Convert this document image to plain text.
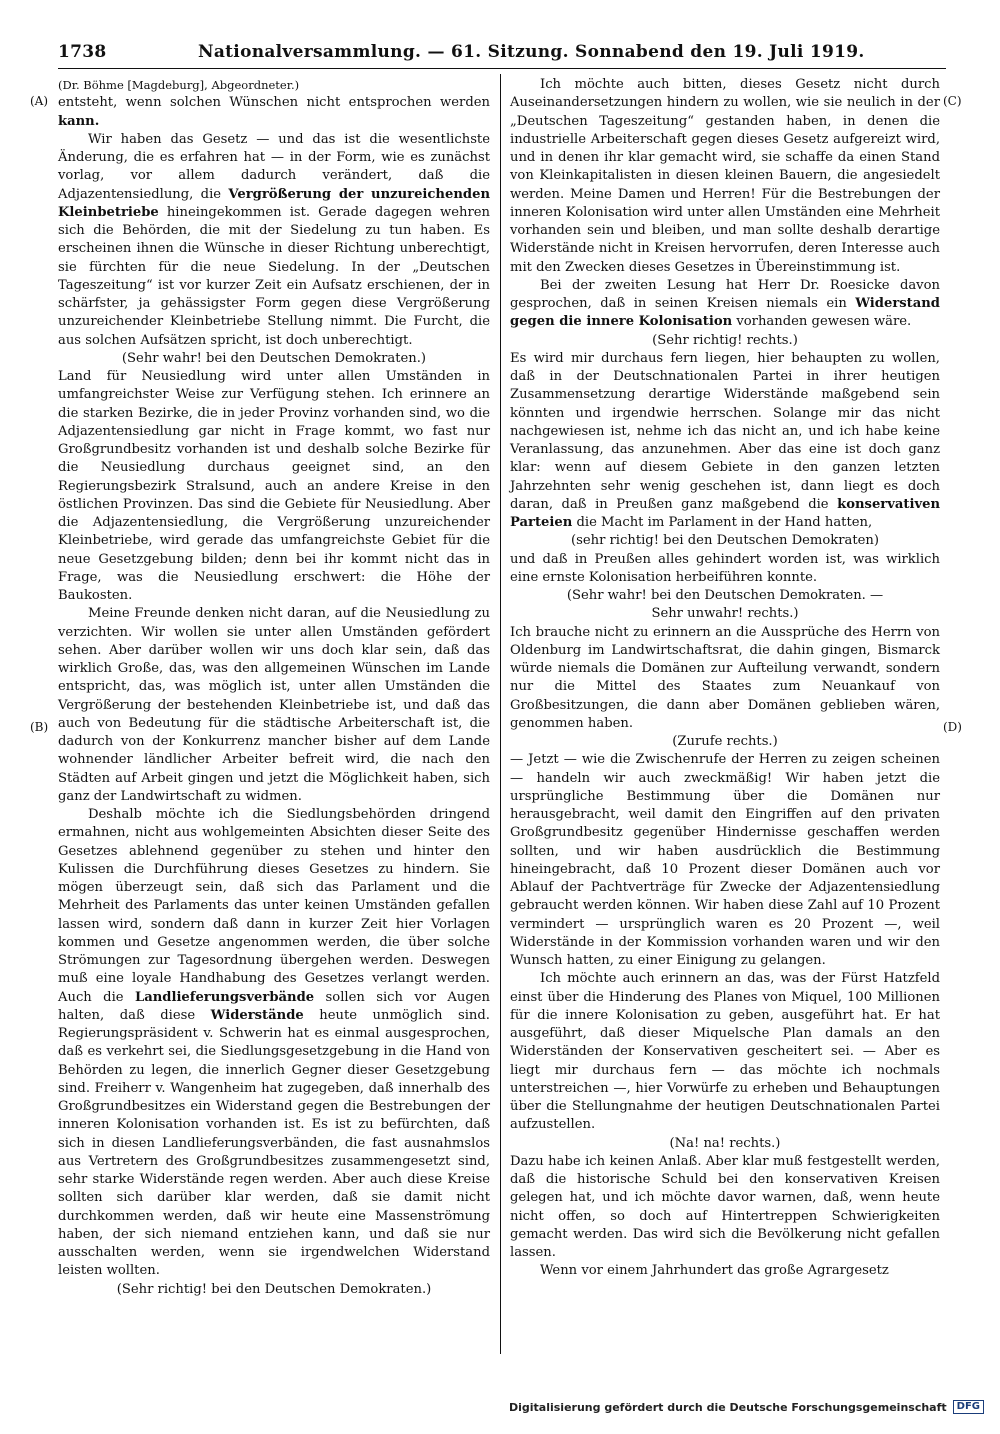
1738	Nationalversammlung. — 61. Sitzung. Sonnabend den 19. Juli 1919.
(A)
(B)
(C)
(D)

(Dr. Böhme [Magdeburg], Abgeordneter.)

entsteht, wenn solchen Wünschen nicht entsprochen werden kann.

Wir haben das Gesetz — und das ist die wesentlichste Änderung, die es erfahren hat — in der Form, wie es zunächst vorlag, vor allem dadurch verändert, daß die Adjazentensiedlung, die Vergrößerung der unzureichenden Kleinbetriebe hineingekommen ist. Gerade dagegen wehren sich die Behörden, die mit der Siedelung zu tun haben. Es erscheinen ihnen die Wünsche in dieser Richtung unberechtigt, sie fürchten für die neue Siedelung. In der „Deutschen Tageszeitung“ ist vor kurzer Zeit ein Aufsatz erschienen, der in schärfster, ja gehässigster Form gegen diese Vergrößerung unzureichender Kleinbetriebe Stellung nimmt. Die Furcht, die aus solchen Aufsätzen spricht, ist doch unberechtigt.

(Sehr wahr! bei den Deutschen Demokraten.)

Land für Neusiedlung wird unter allen Umständen in umfangreichster Weise zur Verfügung stehen. Ich erinnere an die starken Bezirke, die in jeder Provinz vorhanden sind, wo die Adjazentensiedlung gar nicht in Frage kommt, wo fast nur Großgrundbesitz vorhanden ist und deshalb solche Bezirke für die Neusiedlung durchaus geeignet sind, an den Regierungsbezirk Stralsund, auch an andere Kreise in den östlichen Provinzen. Das sind die Gebiete für Neusiedlung. Aber die Adjazentensiedlung, die Vergrößerung unzureichender Kleinbetriebe, wird gerade das umfangreichste Gebiet für die neue Gesetzgebung bilden; denn bei ihr kommt nicht das in Frage, was die Neusiedlung erschwert: die Höhe der Baukosten.

Meine Freunde denken nicht daran, auf die Neusiedlung zu verzichten. Wir wollen sie unter allen Umständen gefördert sehen. Aber darüber wollen wir uns doch klar sein, daß das wirklich Große, das, was den allgemeinen Wünschen im Lande entspricht, das, was möglich ist, unter allen Umständen die Vergrößerung der bestehenden Kleinbetriebe ist, und daß das auch von Bedeutung für die städtische Arbeiterschaft ist, die dadurch von der Konkurrenz mancher bisher auf dem Lande wohnender ländlicher Arbeiter befreit wird, die nach den Städten auf Arbeit gingen und jetzt die Möglichkeit haben, sich ganz der Landwirtschaft zu widmen.

Deshalb möchte ich die Siedlungsbehörden dringend ermahnen, nicht aus wohlgemeinten Absichten dieser Seite des Gesetzes ablehnend gegenüber zu stehen und hinter den Kulissen die Durchführung dieses Gesetzes zu hindern. Sie mögen überzeugt sein, daß sich das Parlament und die Mehrheit des Parlaments das unter keinen Umständen gefallen lassen wird, sondern daß dann in kurzer Zeit hier Vorlagen kommen und Gesetze angenommen werden, die über solche Strömungen zur Tagesordnung übergehen werden. Deswegen muß eine loyale Handhabung des Gesetzes verlangt werden. Auch die Landlieferungsverbände sollen sich vor Augen halten, daß diese Widerstände heute unmöglich sind. Regierungspräsident v. Schwerin hat es einmal ausgesprochen, daß es verkehrt sei, die Siedlungsgesetzgebung in die Hand von Behörden zu legen, die innerlich Gegner dieser Gesetzgebung sind. Freiherr v. Wangenheim hat zugegeben, daß innerhalb des Großgrundbesitzes ein Widerstand gegen die Bestrebungen der inneren Kolonisation vorhanden ist. Es ist zu befürchten, daß sich in diesen Landlieferungsverbänden, die fast ausnahmslos aus Vertretern des Großgrundbesitzes zusammengesetzt sind, sehr starke Widerstände regen werden. Aber auch diese Kreise sollten sich darüber klar werden, daß sie damit nicht durchkommen werden, daß wir heute eine Massenströmung haben, der sich niemand entziehen kann, und daß sie nur ausschalten werden, wenn sie irgendwelchen Widerstand leisten wollten.

(Sehr richtig! bei den Deutschen Demokraten.)

Ich möchte auch bitten, dieses Gesetz nicht durch Auseinandersetzungen hindern zu wollen, wie sie neulich in der „Deutschen Tageszeitung“ gestanden haben, in denen die industrielle Arbeiterschaft gegen dieses Gesetz aufgereizt wird, und in denen ihr klar gemacht wird, sie schaffe da einen Stand von Kleinkapitalisten in diesen kleinen Bauern, die angesiedelt werden. Meine Damen und Herren! Für die Bestrebungen der inneren Kolonisation wird unter allen Umständen eine Mehrheit vorhanden sein und bleiben, und man sollte deshalb derartige Widerstände nicht in Kreisen hervorrufen, deren Interesse auch mit den Zwecken dieses Gesetzes in Übereinstimmung ist.

Bei der zweiten Lesung hat Herr Dr. Roesicke davon gesprochen, daß in seinen Kreisen niemals ein Widerstand gegen die innere Kolonisation vorhanden gewesen wäre.

(Sehr richtig! rechts.)

Es wird mir durchaus fern liegen, hier behaupten zu wollen, daß in der Deutschnationalen Partei in ihrer heutigen Zusammensetzung derartige Widerstände maßgebend sein könnten und irgendwie herrschen. Solange mir das nicht nachgewiesen ist, nehme ich das nicht an, und ich habe keine Veranlassung, das anzunehmen. Aber das eine ist doch ganz klar: wenn auf diesem Gebiete in den ganzen letzten Jahrzehnten sehr wenig geschehen ist, dann liegt es doch daran, daß in Preußen ganz maßgebend die konservativen Parteien die Macht im Parlament in der Hand hatten,

(sehr richtig! bei den Deutschen Demokraten)

und daß in Preußen alles gehindert worden ist, was wirklich eine ernste Kolonisation herbeiführen konnte.

(Sehr wahr! bei den Deutschen Demokraten. —

Sehr unwahr! rechts.)

Ich brauche nicht zu erinnern an die Aussprüche des Herrn von Oldenburg im Landwirtschaftsrat, die dahin gingen, Bismarck würde niemals die Domänen zur Aufteilung verwandt, sondern nur die Mittel des Staates zum Neuankauf von Großbesitzungen, die dann aber Domänen geblieben wären, genommen haben.

(Zurufe rechts.)

— Jetzt — wie die Zwischenrufe der Herren zu zeigen scheinen — handeln wir auch zweckmäßig! Wir haben jetzt die ursprüngliche Bestimmung über die Domänen nur herausgebracht, weil damit den Eingriffen auf den privaten Großgrundbesitz gegenüber Hindernisse geschaffen werden sollten, und wir haben ausdrücklich die Bestimmung hineingebracht, daß 10 Prozent dieser Domänen auch vor Ablauf der Pachtverträge für Zwecke der Adjazentensiedlung gebraucht werden können. Wir haben diese Zahl auf 10 Prozent vermindert — ursprünglich waren es 20 Prozent —, weil Widerstände in der Kommission vorhanden waren und wir den Wunsch hatten, zu einer Einigung zu gelangen.

Ich möchte auch erinnern an das, was der Fürst Hatzfeld einst über die Hinderung des Planes von Miquel, 100 Millionen für die innere Kolonisation zu geben, ausgeführt hat. Er hat ausgeführt, daß dieser Miquelsche Plan damals an den Widerständen der Konservativen gescheitert sei. — Aber es liegt mir durchaus fern — das möchte ich nochmals unterstreichen —, hier Vorwürfe zu erheben und Behauptungen über die Stellungnahme der heutigen Deutschnationalen Partei aufzustellen.

(Na! na! rechts.)

Dazu habe ich keinen Anlaß. Aber klar muß festgestellt werden, daß die historische Schuld bei den konservativen Kreisen gelegen hat, und ich möchte davor warnen, daß, wenn heute nicht offen, so doch auf Hintertreppen Schwierigkeiten gemacht werden. Das wird sich die Bevölkerung nicht gefallen lassen.

Wenn vor einem Jahrhundert das große Agrargesetz

Digitalisierung gefördert durch die Deutsche Forschungsgemeinschaft	DFG
